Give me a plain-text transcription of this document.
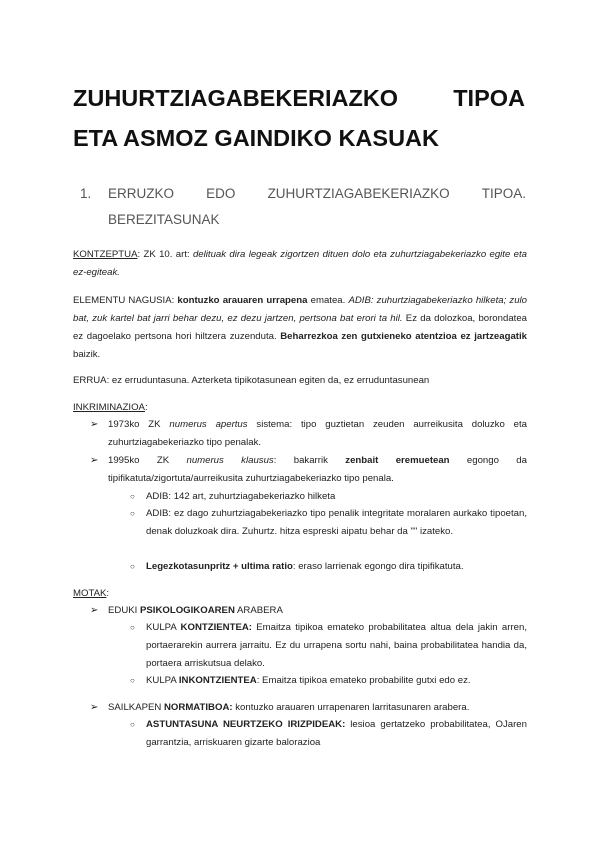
ZUHURTZIAGABEKERIAZKO TIPOA
ETA ASMOZ GAINDIKO KASUAK
1. ERRUZKO EDO ZUHURTZIAGABEKERIAZKO TIPOA.
BEREZITASUNAK
KONTZEPTUA: ZK 10. art: delituak dira legeak zigortzen dituen dolo eta zuhurtziagabekeriazko egite eta ez-egiteak.
ELEMENTU NAGUSIA: kontuzko arauaren urrapena ematea. ADIB: zuhurtziagabekeriazko hilketa; zulo bat, zuk kartel bat jarri behar dezu, ez dezu jartzen, pertsona bat erori ta hil. Ez da dolozkoa, borondatea ez dagoelako pertsona hori hiltzera zuzenduta. Beharrezkoa zen gutxieneko atentzioa ez jartzeagatik baizik.
ERRUA: ez erruduntasuna. Azterketa tipikotasunean egiten da, ez erruduntasunean
INKRIMINAZIOA:
➢ 1973ko ZK numerus apertus sistema: tipo guztietan zeuden aurreikusita doluzko eta zuhurtziagabekeriazko tipo penalak.
➢ 1995ko ZK numerus klausus: bakarrik zenbait eremuetean egongo da tipifikatuta/zigortuta/aurreikusita zuhurtziagabekeriazko tipo penala.
○ ADIB: 142 art, zuhurtziagabekeriazko hilketa
○ ADIB: ez dago zuhurtziagabekeriazko tipo penalik integritate moralaren aurkako tipoetan, denak doluzkoak dira. Zuhurtz. hitza espreski aipatu behar da "" izateko.
○ Legezkotasunpritz + ultima ratio: eraso larrienak egongo dira tipifikatuta.
MOTAK:
➢ EDUKI PSIKOLOGIKOAREN ARABERA
○ KULPA KONTZIENTEA: Emaitza tipikoa emateko probabilitatea altua dela jakin arren, portaerarekin aurrera jarraitu. Ez du urrapena sortu nahi, baina probabilitatea handia da, portaera arriskutsua delako.
○ KULPA INKONTZIENTEA: Emaitza tipikoa emateko probabilite gutxi edo ez.
➢ SAILKAPEN NORMATIBOA: kontuzko arauaren urrapenaren larritasunaren arabera.
○ ASTUNTASUNA NEURTZEKO IRIZPIDEAK: lesioa gertatzeko probabilitatea, OJaren garrantzia, arriskuaren gizarte balorazioa
